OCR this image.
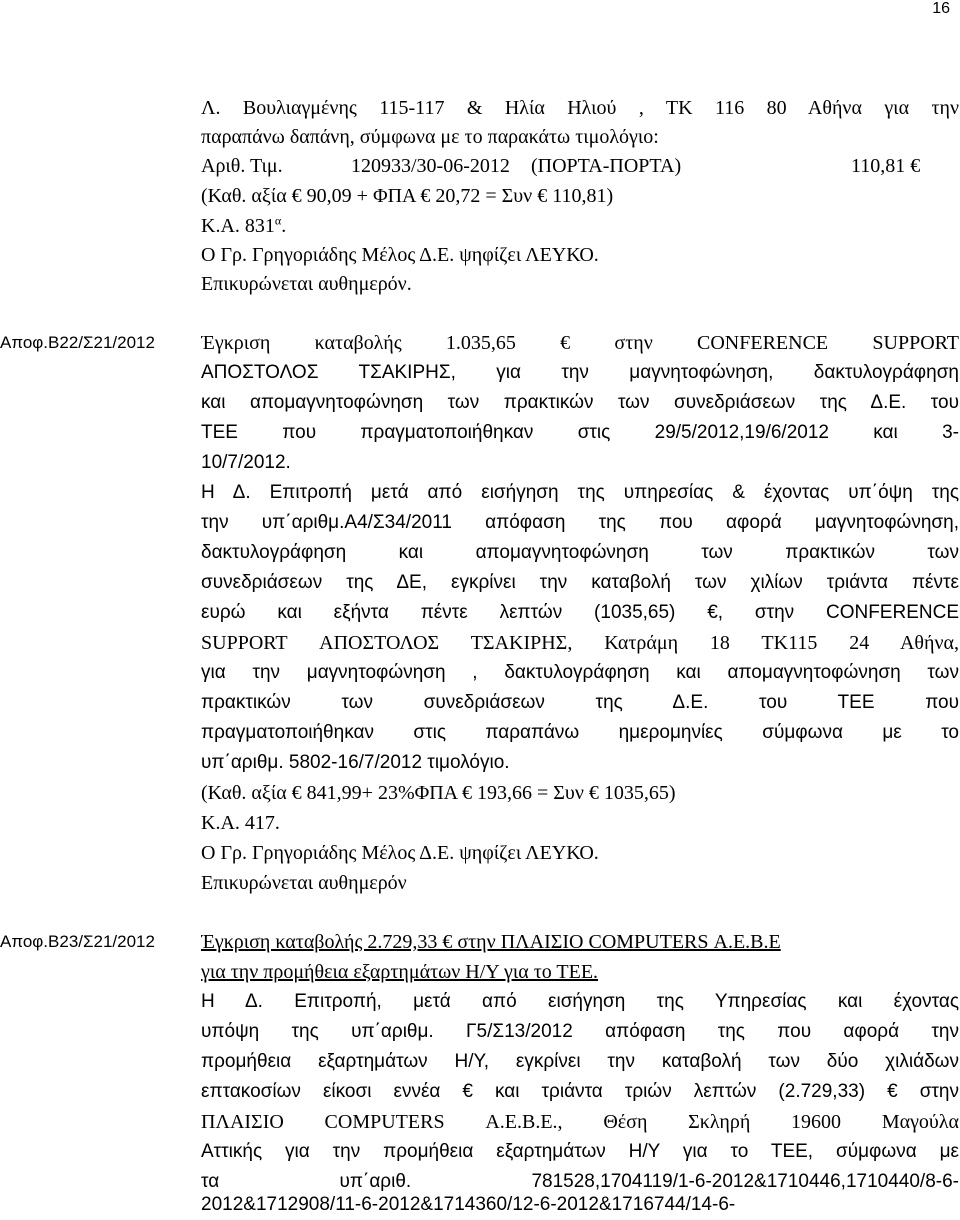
16
Λ. Βουλιαγμένης 115-117 & Ηλία Ηλιού , ΤΚ 116 80 Αθήνα για την
παραπάνω δαπάνη, σύμφωνα με το παρακάτω τιμολόγιο:
Αριθ. Τιμ.	120933/30-06-2012 (ΠΟΡΤΑ-ΠΟΡΤΑ)	110,81 €
(Καθ. αξία € 90,09 + ΦΠΑ € 20,72 = Συν € 110,81)
Κ.Α. $831^\alpha$.
Ο Γρ. Γρηγοριάδης Μέλος Δ.Ε. ψηφίζει ΛΕΥΚΟ.
Επικυρώνεται αυθημερόν.
Αποφ.Β22/Σ21/2012 Έγκριση καταβολής 1.035,65 € στην CONFERENCE SUPPORT
ΑΠΟΣΤΟΛΟΣ ΤΣΑΚΙΡΗΣ, για την μαγνητοφώνηση, δακτυλογράφηση
και απομαγνητοφώνηση των πρακτικών των συνεδριάσεων της Δ.Ε. του
ΤΕΕ που πραγματοποιήθηκαν στις 29/5/2012,19/6/2012 και 3-
10/7/2012.
Η Δ. Επιτροπή μετά από εισήγηση της υπηρεσίας & έχοντας υπ΄όψη της
την υπ΄αριθμ.Α4/Σ34/2011 απόφαση της που αφορά μαγνητοφώνηση,
δακτυλογράφηση και απομαγνητοφώνηση των πρακτικών των
συνεδριάσεων της ΔΕ, εγκρίνει την καταβολή των χιλίων τριάντα πέντε
ευρώ και εξήντα πέντε λεπτών (1035,65) €, στην CONFERENCE
SUPPORT ΑΠΟΣΤΟΛΟΣ ΤΣΑΚΙΡΗΣ, Κατράμη 18 ΤΚ115 24 Αθήνα,
για την μαγνητοφώνηση , δακτυλογράφηση και απομαγνητοφώνηση των
πρακτικών των συνεδριάσεων της Δ.Ε. του ΤΕΕ που
πραγματοποιήθηκαν στις παραπάνω ημερομηνίες σύμφωνα με το
υπ΄αριθμ. 5802-16/7/2012 τιμολόγιο.
(Καθ. αξία € 841,99+ 23%ΦΠΑ € 193,66 = Συν € 1035,65)
Κ.Α. 417.
Ο Γρ. Γρηγοριάδης Μέλος Δ.Ε. ψηφίζει ΛΕΥΚΟ.
Επικυρώνεται αυθημερόν
Αποφ.Β23/Σ21/2012 Έγκριση καταβολής 2.729,33 € στην ΠΛΑΙΣΙΟ COMPUTERS Α.Ε.Β.Ε
για την προμήθεια εξαρτημάτων Η/Υ για το ΤΕΕ.
Η Δ. Επιτροπή, μετά από εισήγηση της Υπηρεσίας και έχοντας
υπόψη της υπ΄αριθμ. Γ5/Σ13/2012 απόφαση της που αφορά την
προμήθεια εξαρτημάτων Η/Υ, εγκρίνει την καταβολή των δύο χιλιάδων
επτακοσίων είκοσι εννέα € και τριάντα τριών λεπτών (2.729,33) € στην
ΠΛΑΙΣΙΟ COMPUTERS Α.Ε.Β.Ε., Θέση Σκληρή 19600 Μαγούλα
Αττικής για την προμήθεια εξαρτημάτων Η/Υ για το ΤΕΕ, σύμφωνα με
τα υπ΄αριθ. 781528,1704119/1-6-2012&1710446,1710440/8-6-
2012&1712908/11-6-2012&1714360/12-6-2012&1716744/14-6-
